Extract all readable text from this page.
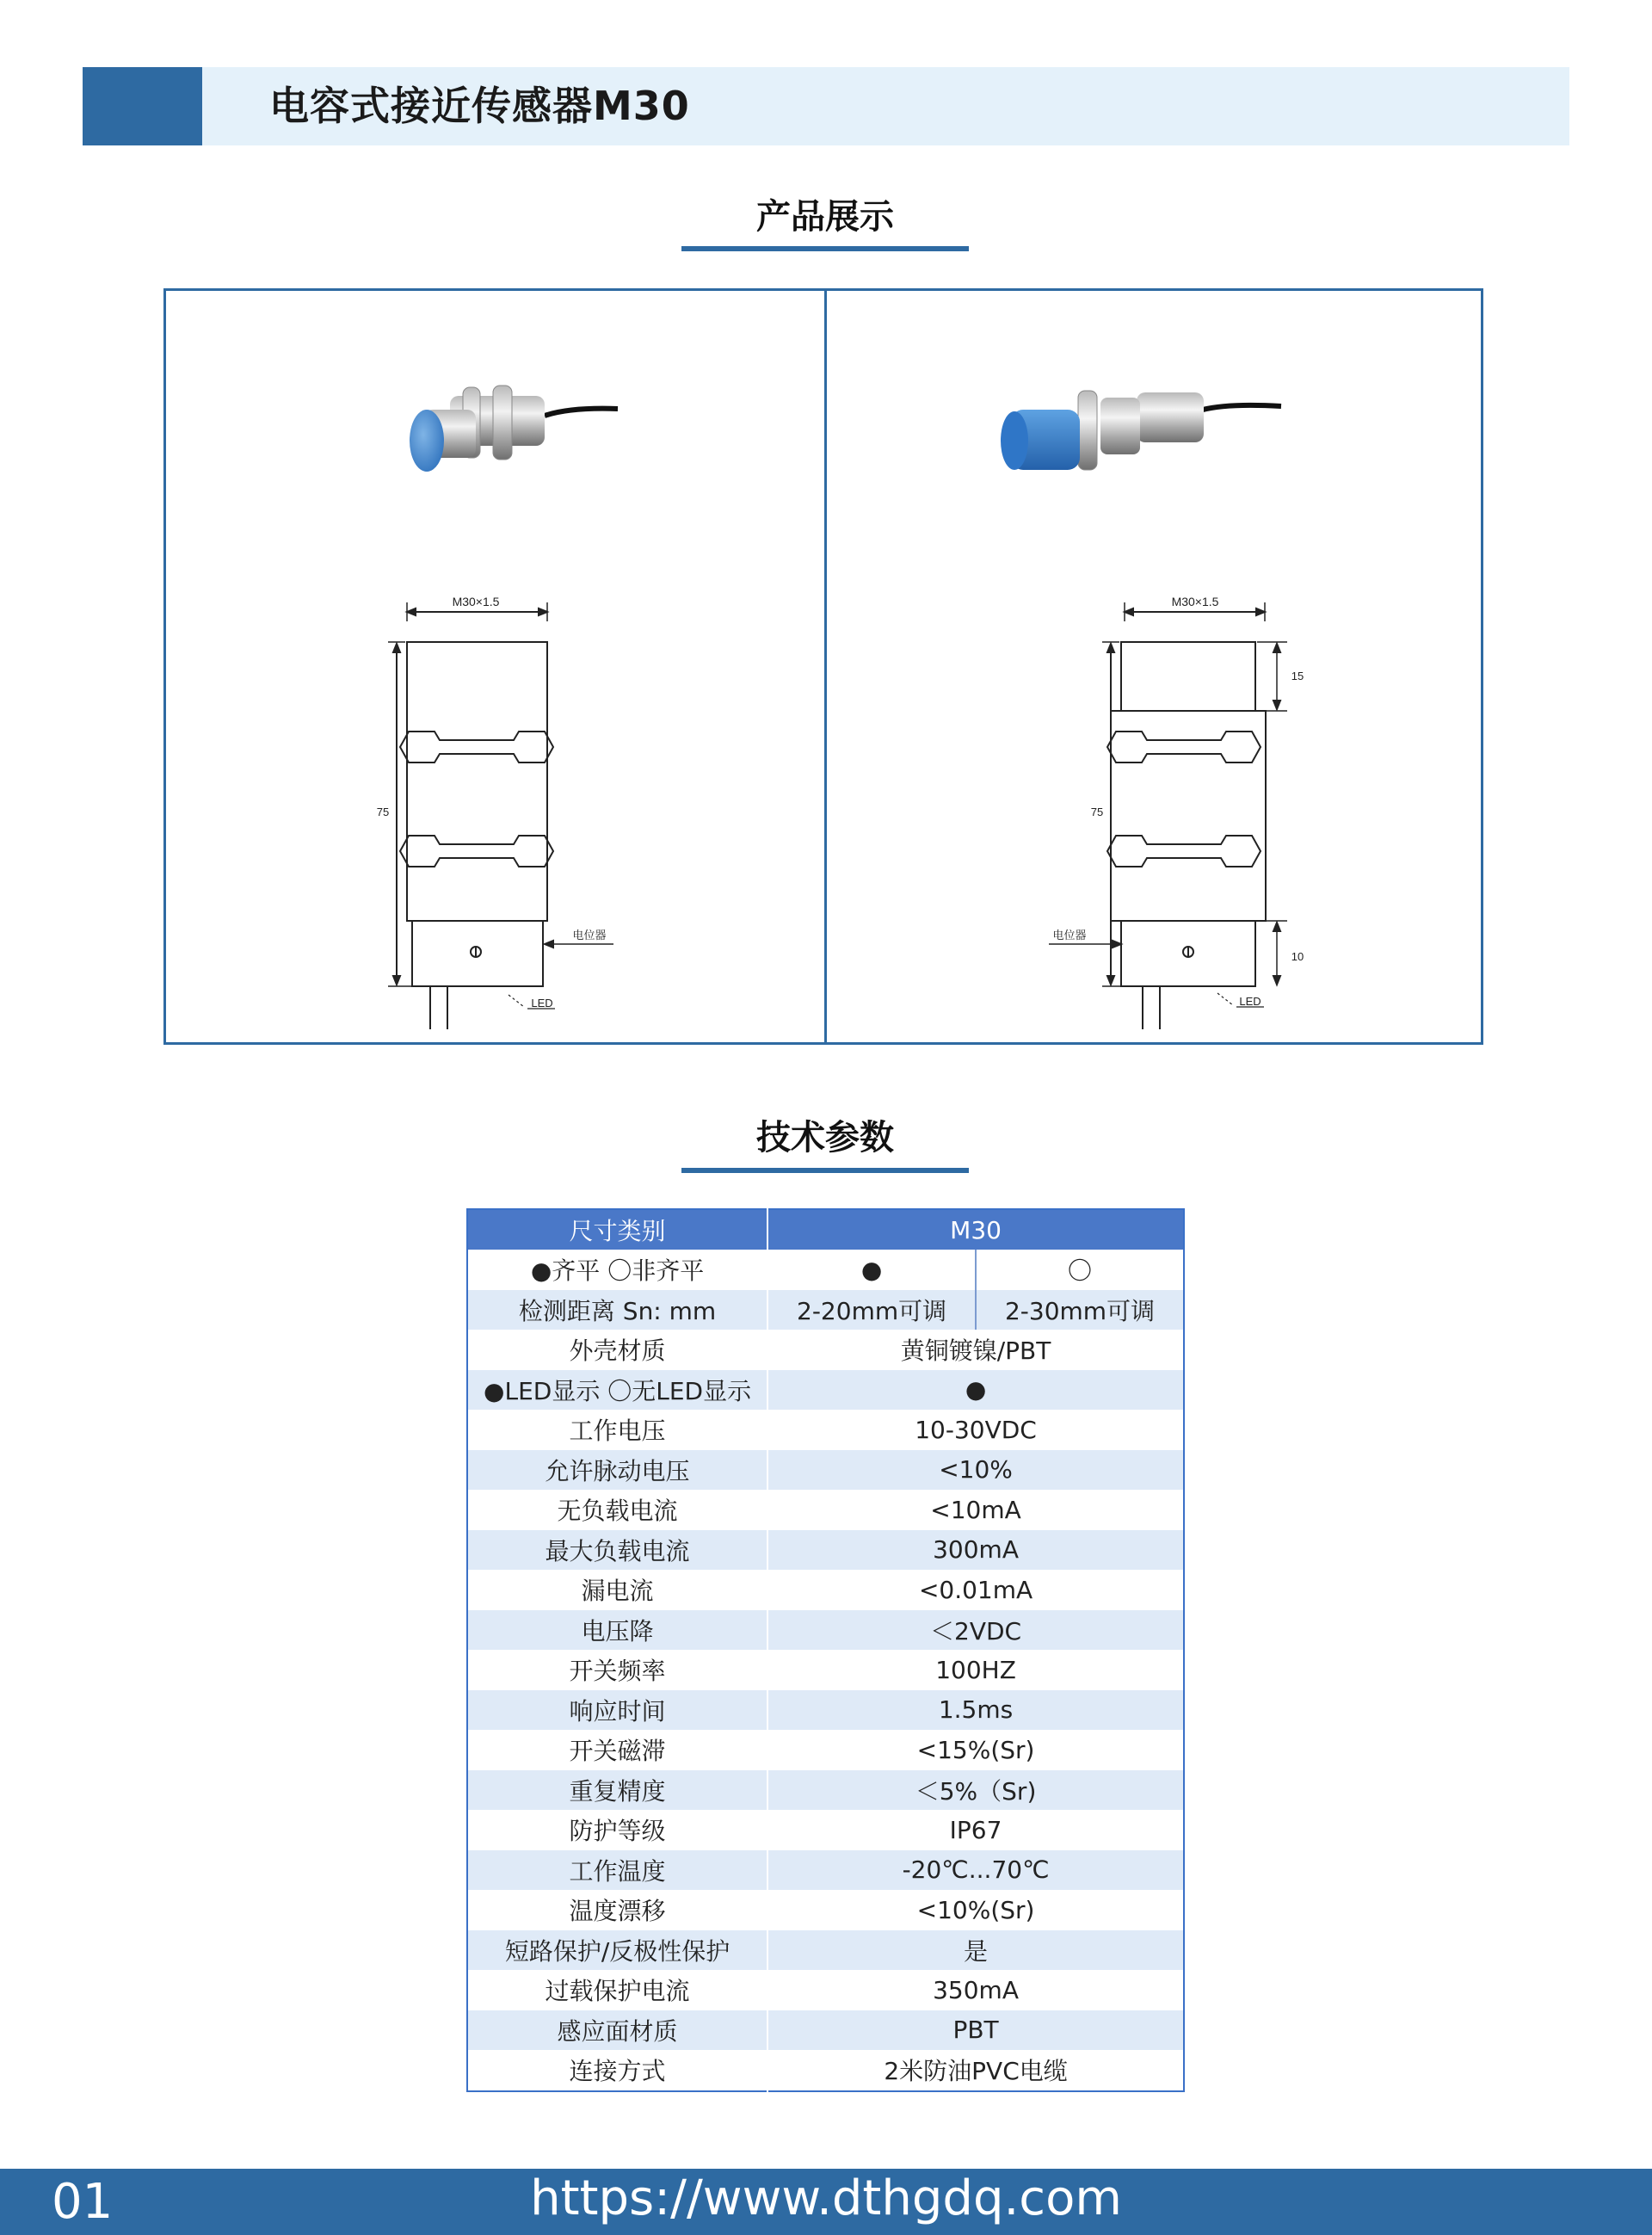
电容式接近传感器M30
产品展示
M30×1.5
75
电位器
LED
M30×1.5
75
15
10
电位器
LED
技术参数
尺寸类别	M30	
●齐平 〇非齐平	●	〇
检测距离 Sn: mm	2-20mm可调	2-30mm可调
外壳材质	黄铜镀镍/PBT	
●LED显示 〇无LED显示	●	
工作电压	10-30VDC	
允许脉动电压	<10%	
无负载电流	<10mA	
最大负载电流	300mA	
漏电流	<0.01mA	
电压降	＜2VDC	
开关频率	100HZ	
响应时间	1.5ms	
开关磁滞	<15%(Sr)	
重复精度	＜5%（Sr)	
防护等级	IP67	
工作温度	-20℃...70℃	
温度漂移	<10%(Sr)	
短路保护/反极性保护	是	
过载保护电流	350mA	
感应面材质	PBT	
连接方式	2米防油PVC电缆	
https://www.dthgdq.com
01
